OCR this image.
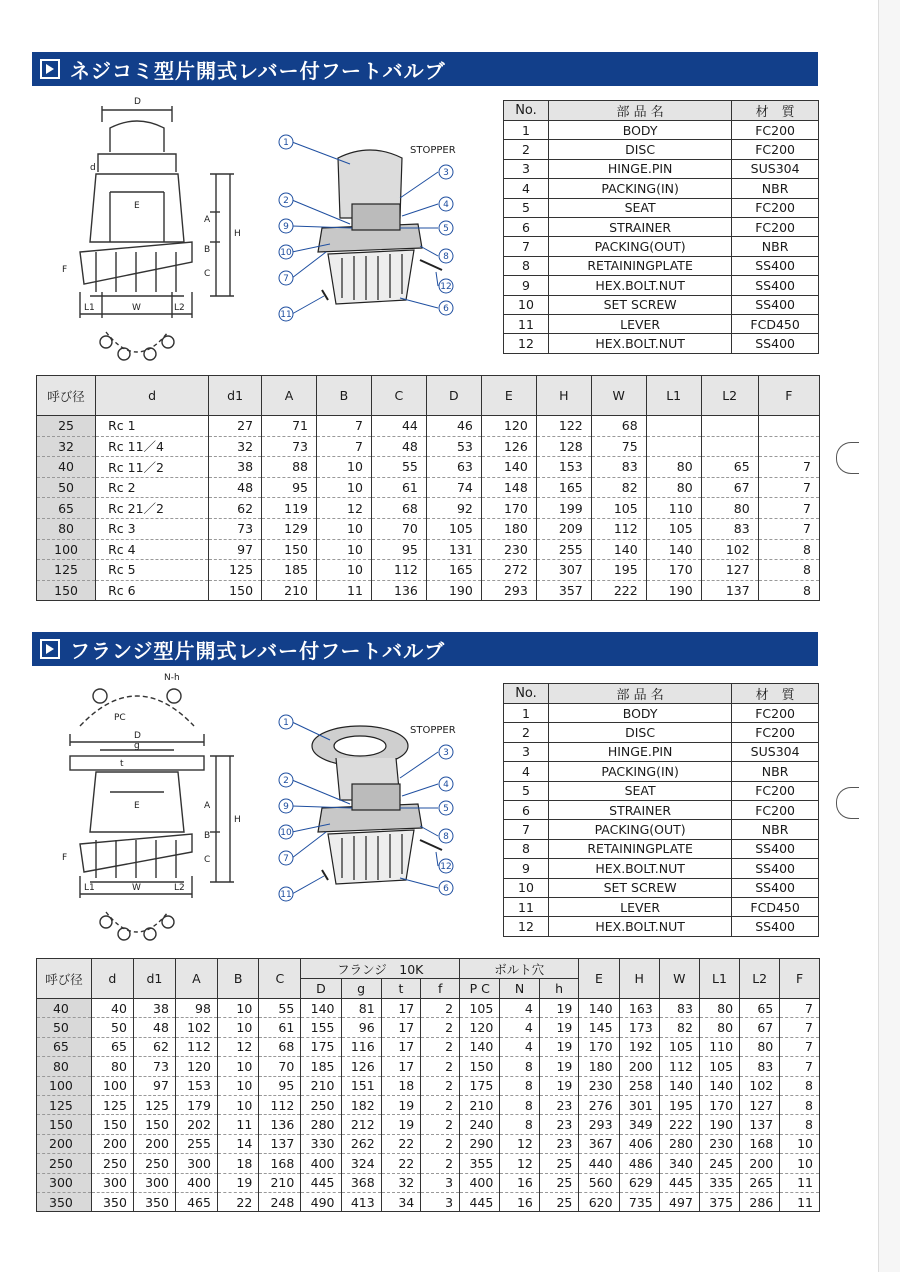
ネジコミ型片開式レバー付フートバルブ
D
d
E
A
B
C
H
F
L1	W	L2
STOPPER
1
2
9
10
7
11
3
4
5
8
12
6
No.	部 品 名	材　質
1	BODY	FC200
2	DISC	FC200
3	HINGE.PIN	SUS304
4	PACKING(IN)	NBR
5	SEAT	FC200
6	STRAINER	FC200
7	PACKING(OUT)	NBR
8	RETAININGPLATE	SS400
9	HEX.BOLT.NUT	SS400
10	SET SCREW	SS400
11	LEVER	FCD450
12	HEX.BOLT.NUT	SS400
呼び径	d	d1	A	B	C	D	E	H	W	L1	L2	F
25	Rc 1	27	71	7	44	46	120	122	68			
32	Rc 11／4	32	73	7	48	53	126	128	75			
40	Rc 11／2	38	88	10	55	63	140	153	83	80	65	7
50	Rc 2	48	95	10	61	74	148	165	82	80	67	7
65	Rc 21／2	62	119	12	68	92	170	199	105	110	80	7
80	Rc 3	73	129	10	70	105	180	209	112	105	83	7
100	Rc 4	97	150	10	95	131	230	255	140	140	102	8
125	Rc 5	125	185	10	112	165	272	307	195	170	127	8
150	Rc 6	150	210	11	136	190	293	357	222	190	137	8
フランジ型片開式レバー付フートバルブ
N-h
PC
D
g
t
E	A
B
C
H
F
L1	W	L2
STOPPER
1
2
9
10
7
11
3
4
5
8
12
6
No.	部 品 名	材　質
1	BODY	FC200
2	DISC	FC200
3	HINGE.PIN	SUS304
4	PACKING(IN)	NBR
5	SEAT	FC200
6	STRAINER	FC200
7	PACKING(OUT)	NBR
8	RETAININGPLATE	SS400
9	HEX.BOLT.NUT	SS400
10	SET SCREW	SS400
11	LEVER	FCD450
12	HEX.BOLT.NUT	SS400
呼び径	d	d1	A	B	C	フランジ　10K				ボルト穴			E	H	W	L1	L2	F
						D	g	t	f	P C	N	h						
40	40	38	98	10	55	140	81	17	2	105	4	19	140	163	83	80	65	7
50	50	48	102	10	61	155	96	17	2	120	4	19	145	173	82	80	67	7
65	65	62	112	12	68	175	116	17	2	140	4	19	170	192	105	110	80	7
80	80	73	120	10	70	185	126	17	2	150	8	19	180	200	112	105	83	7
100	100	97	153	10	95	210	151	18	2	175	8	19	230	258	140	140	102	8
125	125	125	179	10	112	250	182	19	2	210	8	23	276	301	195	170	127	8
150	150	150	202	11	136	280	212	19	2	240	8	23	293	349	222	190	137	8
200	200	200	255	14	137	330	262	22	2	290	12	23	367	406	280	230	168	10
250	250	250	300	18	168	400	324	22	2	355	12	25	440	486	340	245	200	10
300	300	300	400	19	210	445	368	32	3	400	16	25	560	629	445	335	265	11
350	350	350	465	22	248	490	413	34	3	445	16	25	620	735	497	375	286	11
